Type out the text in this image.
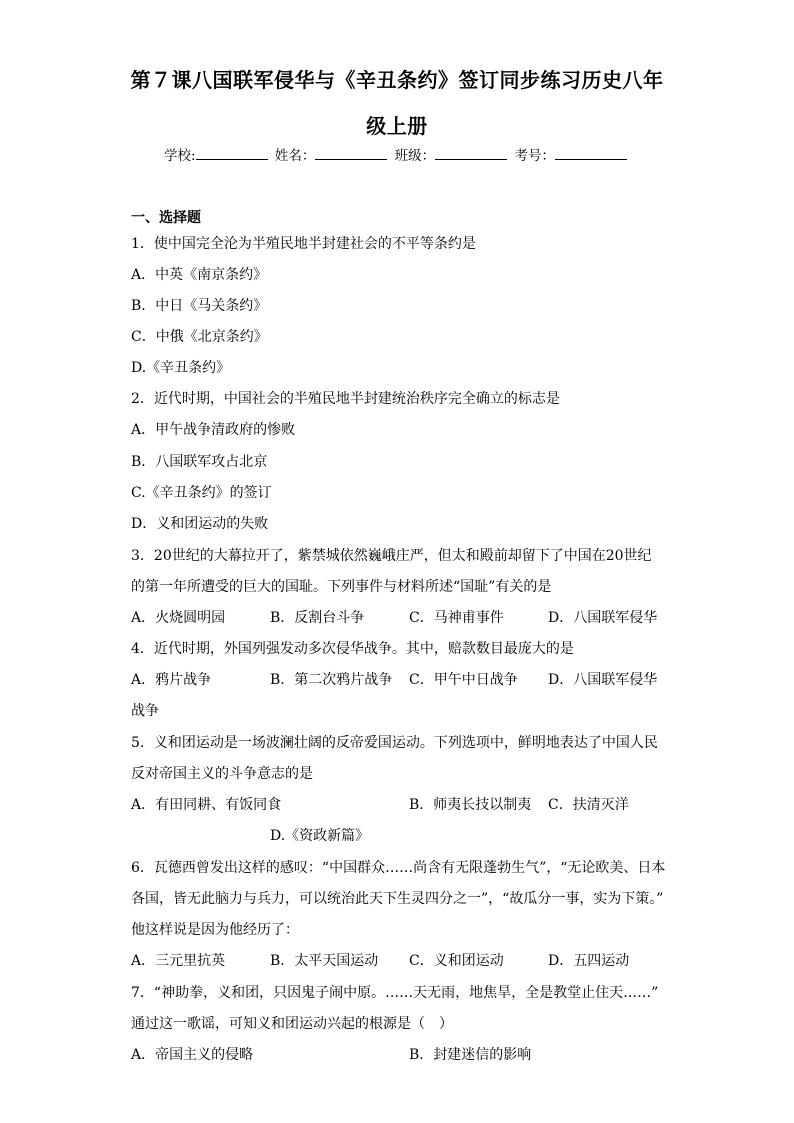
第７课八国联军侵华与《辛丑条约》签订同步练习历史八年
级上册
学校:	姓名：	班级：	考号：
一、选择题
1．使中国完全沦为半殖民地半封建社会的不平等条约是
A．中英《南京条约》
B．中日《马关条约》
C．中俄《北京条约》
D.《辛丑条约》
2．近代时期，中国社会的半殖民地半封建统治秩序完全确立的标志是
A．甲午战争清政府的惨败
B．八国联军攻占北京
C.《辛丑条约》的签订
D．义和团运动的失败
3．20世纪的大幕拉开了，紫禁城依然巍峨庄严，但太和殿前却留下了中国在20世纪
的第一年所遭受的巨大的国耻。下列事件与材料所述“国耻”有关的是
A．火烧圆明园	B．反割台斗争	C．马神甫事件	D．八国联军侵华
4．近代时期，外国列强发动多次侵华战争。其中，赔款数目最庞大的是
A．鸦片战争	B．第二次鸦片战争 C．甲午中日战争 D．八国联军侵华
战争
5．义和团运动是一场波澜壮阔的反帝爱国运动。下列选项中，鲜明地表达了中国人民
反对帝国主义的斗争意志的是
A．有田同耕、有饭同食	B．师夷长技以制夷 C．扶清灭洋
D.《资政新篇》
6．瓦德西曾发出这样的感叹：“中国群众……尚含有无限蓬勃生气”，“无论欧美、日本
各国，皆无此脑力与兵力，可以统治此天下生灵四分之一”，“故瓜分一事，实为下策。”
他这样说是因为他经历了：
A．三元里抗英	B．太平天国运动 C．义和团运动	D．五四运动
7．“神助拳，义和团，只因鬼子闹中原。……天无雨，地焦旱，全是教堂止住天……”
通过这一歌谣，可知义和团运动兴起的根源是（　）
A．帝国主义的侵略	B．封建迷信的影响
